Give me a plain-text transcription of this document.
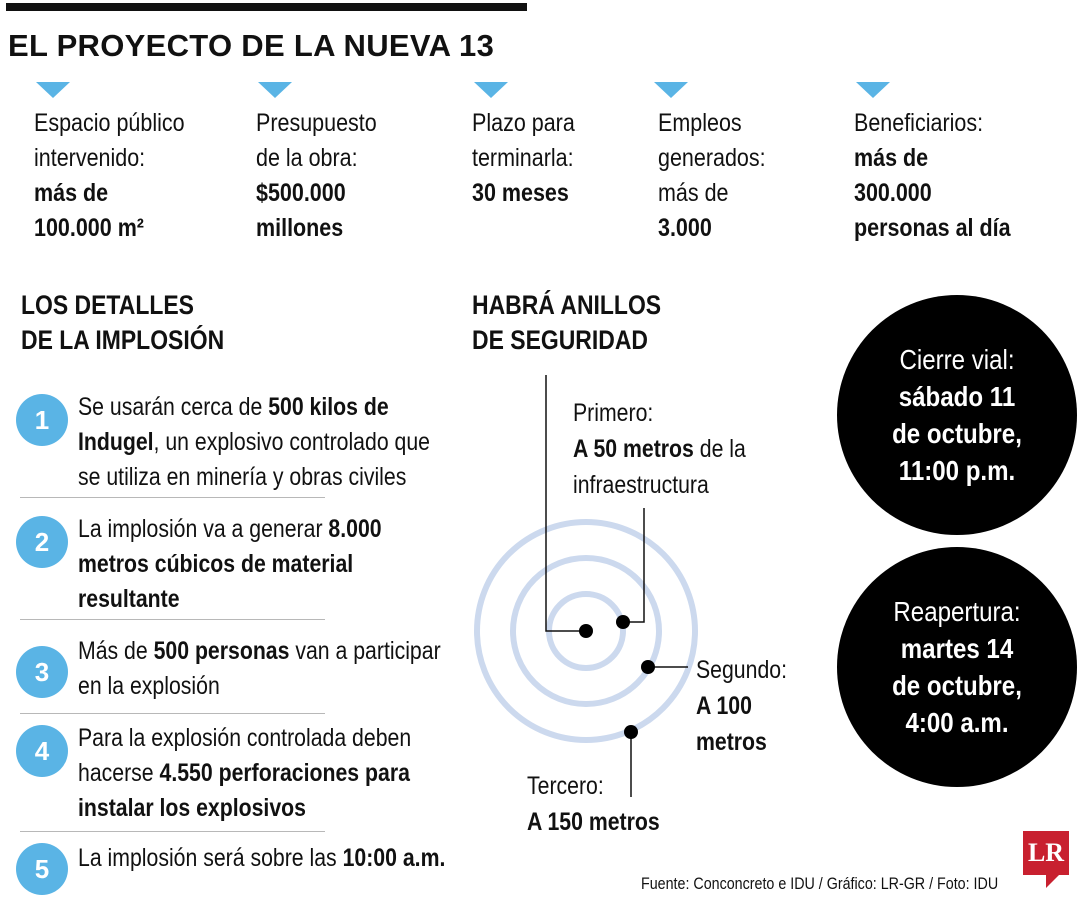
EL PROYECTO DE LA NUEVA 13
Espacio público
intervenido:
más de
100.000 m²
Presupuesto
de la obra:
$500.000
millones
Plazo para
terminarla:
30 meses
Empleos
generados:
más de
3.000
Beneficiarios:
más de
300.000
personas al día
LOS DETALLES
DE LA IMPLOSIÓN
1	Se usarán cerca de 500 kilos de
Indugel, un explosivo controlado que
se utiliza en minería y obras civiles
2	La implosión va a generar 8.000
metros cúbicos de material
resultante
3
Más de 500 personas van a participar
en la explosión
4	Para la explosión controlada deben
hacerse 4.550 perforaciones para
instalar los explosivos
5	La implosión será sobre las 10:00 a.m.
HABRÁ ANILLOS
DE SEGURIDAD
Primero:
A 50 metros de la
infraestructura
Segundo:
A 100
metros
Tercero:
A 150 metros
Cierre vial:
sábado 11
de octubre,
11:00 p.m.
Reapertura:
martes 14
de octubre,
4:00 a.m.
Fuente: Conconcreto e IDU / Gráfico: LR-GR / Foto: IDU
LR
